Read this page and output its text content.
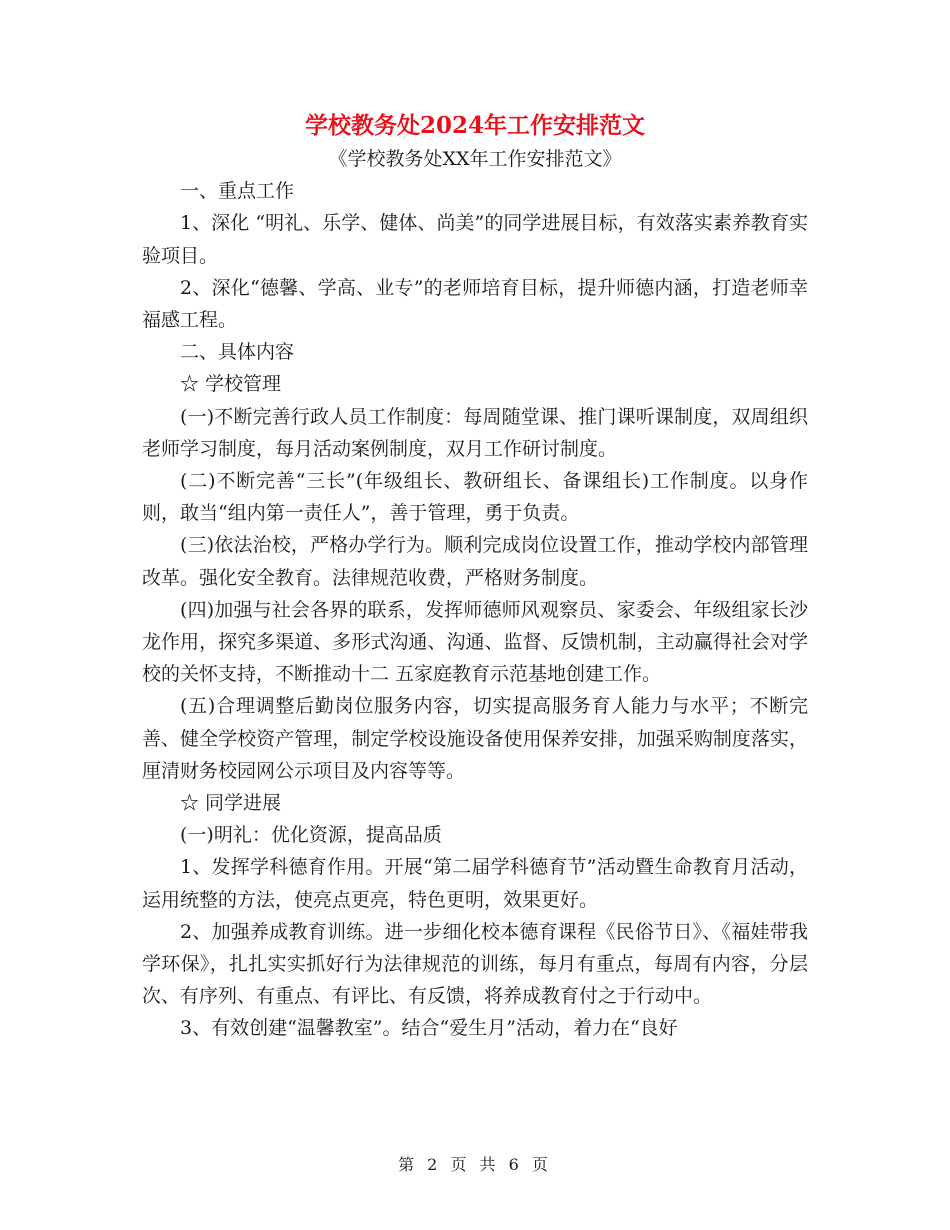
学校教务处2024年工作安排范文

《学校教务处XX年工作安排范文》

一、重点工作

1、深化 “明礼、乐学、健体、尚美”的同学进展目标，有效落实素养教育实验项目。

2、深化“德馨、学高、业专”的老师培育目标，提升师德内涵，打造老师幸福感工程。

二、具体内容

☆ 学校管理

(一)不断完善行政人员工作制度：每周随堂课、推门课听课制度，双周组织老师学习制度，每月活动案例制度，双月工作研讨制度。

(二)不断完善“三长”(年级组长、教研组长、备课组长)工作制度。以身作则，敢当“组内第一责任人”，善于管理，勇于负责。

(三)依法治校，严格办学行为。顺利完成岗位设置工作，推动学校内部管理改革。强化安全教育。法律规范收费，严格财务制度。

(四)加强与社会各界的联系，发挥师德师风观察员、家委会、年级组家长沙龙作用，探究多渠道、多形式沟通、沟通、监督、反馈机制，主动赢得社会对学校的关怀支持，不断推动十二 五家庭教育示范基地创建工作。

(五)合理调整后勤岗位服务内容，切实提高服务育人能力与水平；不断完善、健全学校资产管理，制定学校设施设备使用保养安排，加强采购制度落实，厘清财务校园网公示项目及内容等等。

☆ 同学进展

(一)明礼：优化资源，提高品质

1、发挥学科德育作用。开展“第二届学科德育节”活动暨生命教育月活动，运用统整的方法，使亮点更亮，特色更明，效果更好。

2、加强养成教育训练。进一步细化校本德育课程《民俗节日》、《福娃带我学环保》，扎扎实实抓好行为法律规范的训练，每月有重点，每周有内容，分层次、有序列、有重点、有评比、有反馈，将养成教育付之于行动中。

3、有效创建“温馨教室”。结合“爱生月”活动，着力在“良好

第 2 页 共 6 页
